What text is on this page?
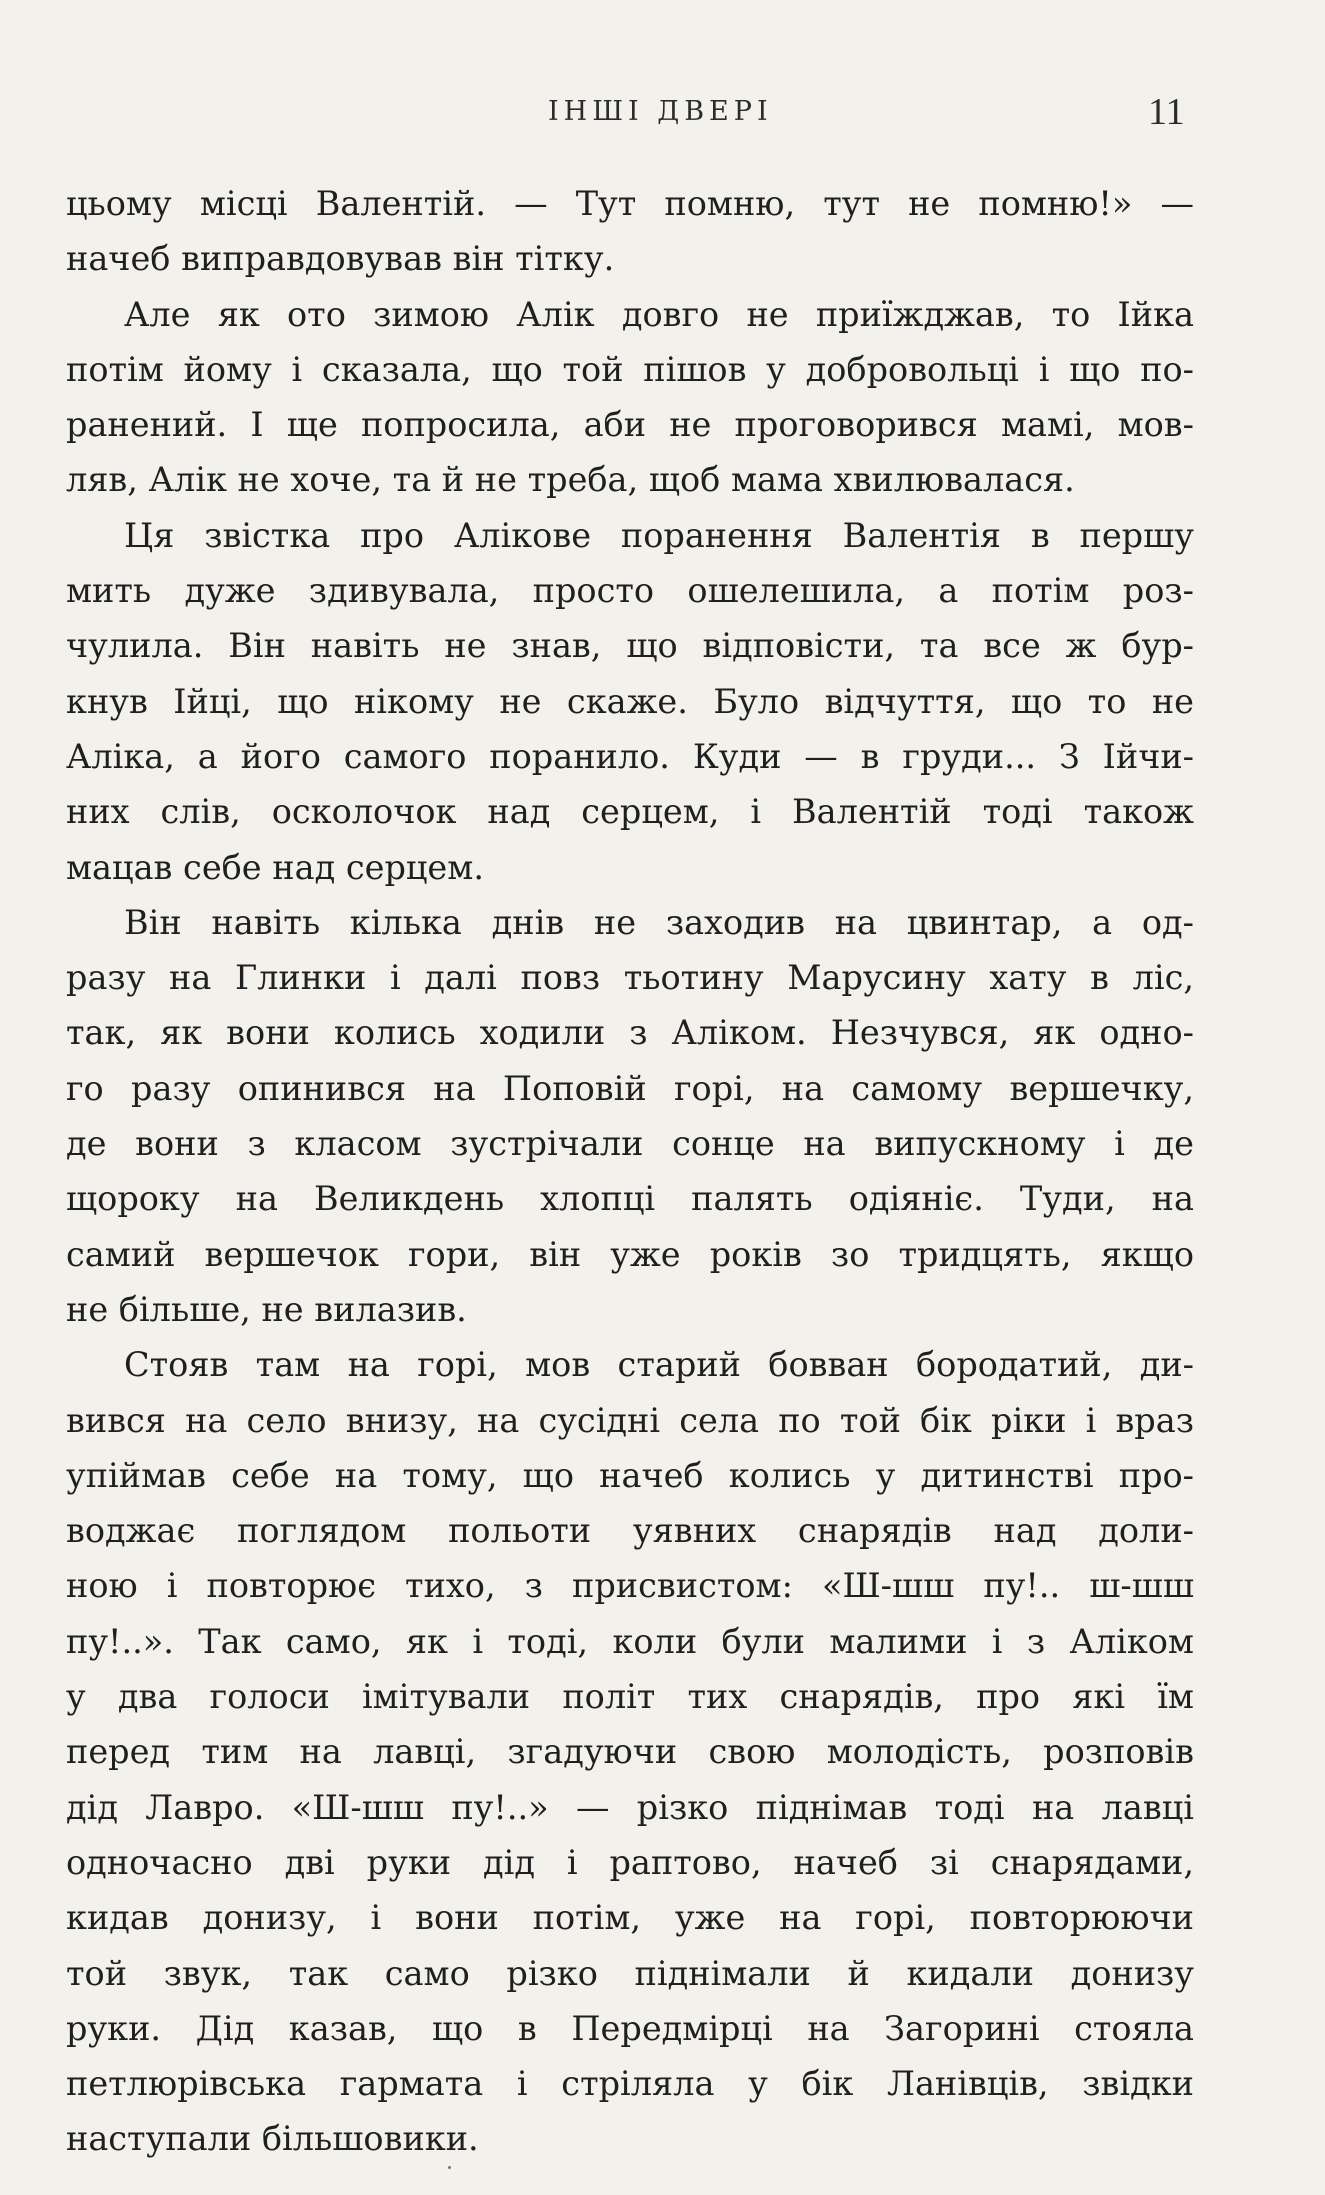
ІНШІ ДВЕРІ	11
цьому місці Валентій. — Тут помню, тут не помню!» —
начеб виправдовував він тітку.
Але як ото зимою Алік довго не приїжджав, то Ійка
потім йому і сказала, що той пішов у добровольці і що по-
ранений. І ще попросила, аби не проговорився мамі, мов-
ляв, Алік не хоче, та й не треба, щоб мама хвилювалася.
Ця звістка про Алікове поранення Валентія в першу
мить дуже здивувала, просто ошелешила, а потім роз-
чулила. Він навіть не знав, що відповісти, та все ж бур-
кнув Ійці, що нікому не скаже. Було відчуття, що то не
Аліка, а його самого поранило. Куди — в груди... З Ійчи-
них слів, осколочок над серцем, і Валентій тоді також
мацав себе над серцем.
Він навіть кілька днів не заходив на цвинтар, а од-
разу на Глинки і далі повз тьотину Марусину хату в ліс,
так, як вони колись ходили з Аліком. Незчувся, як одно-
го разу опинився на Поповій горі, на самому вершечку,
де вони з класом зустрічали сонце на випускному і де
щороку на Великдень хлопці палять одіяніє. Туди, на
самий вершечок гори, він уже років зо тридцять, якщо
не більше, не вилазив.
Стояв там на горі, мов старий бовван бородатий, ди-
вився на село внизу, на сусідні села по той бік ріки і враз
упіймав себе на тому, що начеб колись у дитинстві про-
воджає поглядом польоти уявних снарядів над доли-
ною і повторює тихо, з присвистом: «Ш-шш пу!.. ш-шш
пу!..». Так само, як і тоді, коли були малими і з Аліком
у два голоси імітували політ тих снарядів, про які їм
перед тим на лавці, згадуючи свою молодість, розповів
дід Лавро. «Ш-шш пу!..» — різко піднімав тоді на лавці
одночасно дві руки дід і раптово, начеб зі снарядами,
кидав донизу, і вони потім, уже на горі, повторюючи
той звук, так само різко піднімали й кидали донизу
руки. Дід казав, що в Передмірці на Загорині стояла
петлюрівська гармата і стріляла у бік Ланівців, звідки
наступали більшовики.
